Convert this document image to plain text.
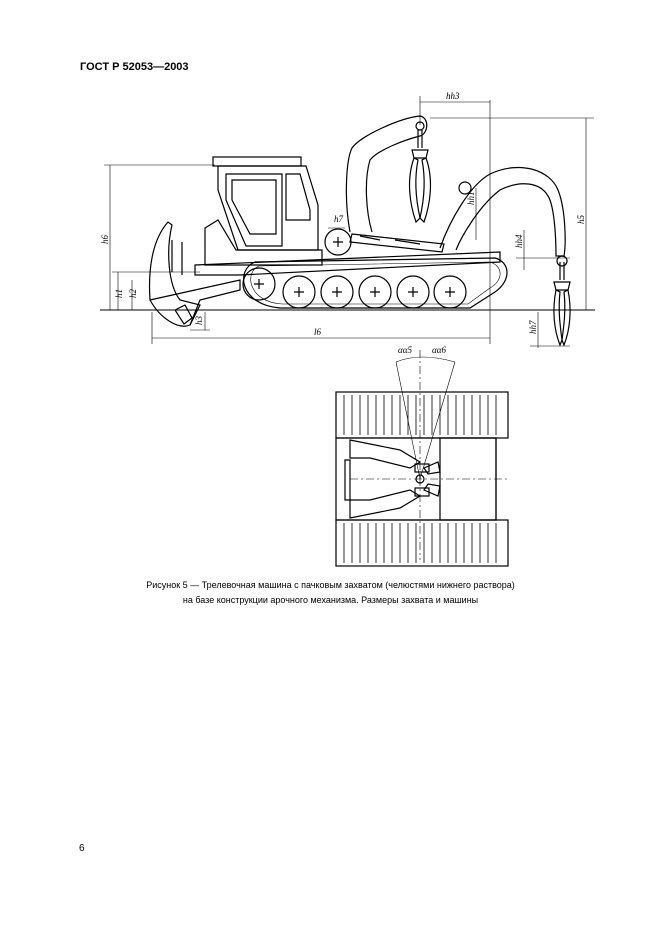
ГОСТ Р 52053—2003
h6
h1 h2
h3
h7
l6
hh3
h5
hh4
hh1
hh7
αα5 αα6
Рисунок 5 — Трелевочная машина с пачковым захватом (челюстями нижнего раствора)
на базе конструкции арочного механизма. Размеры захвата и машины
6
